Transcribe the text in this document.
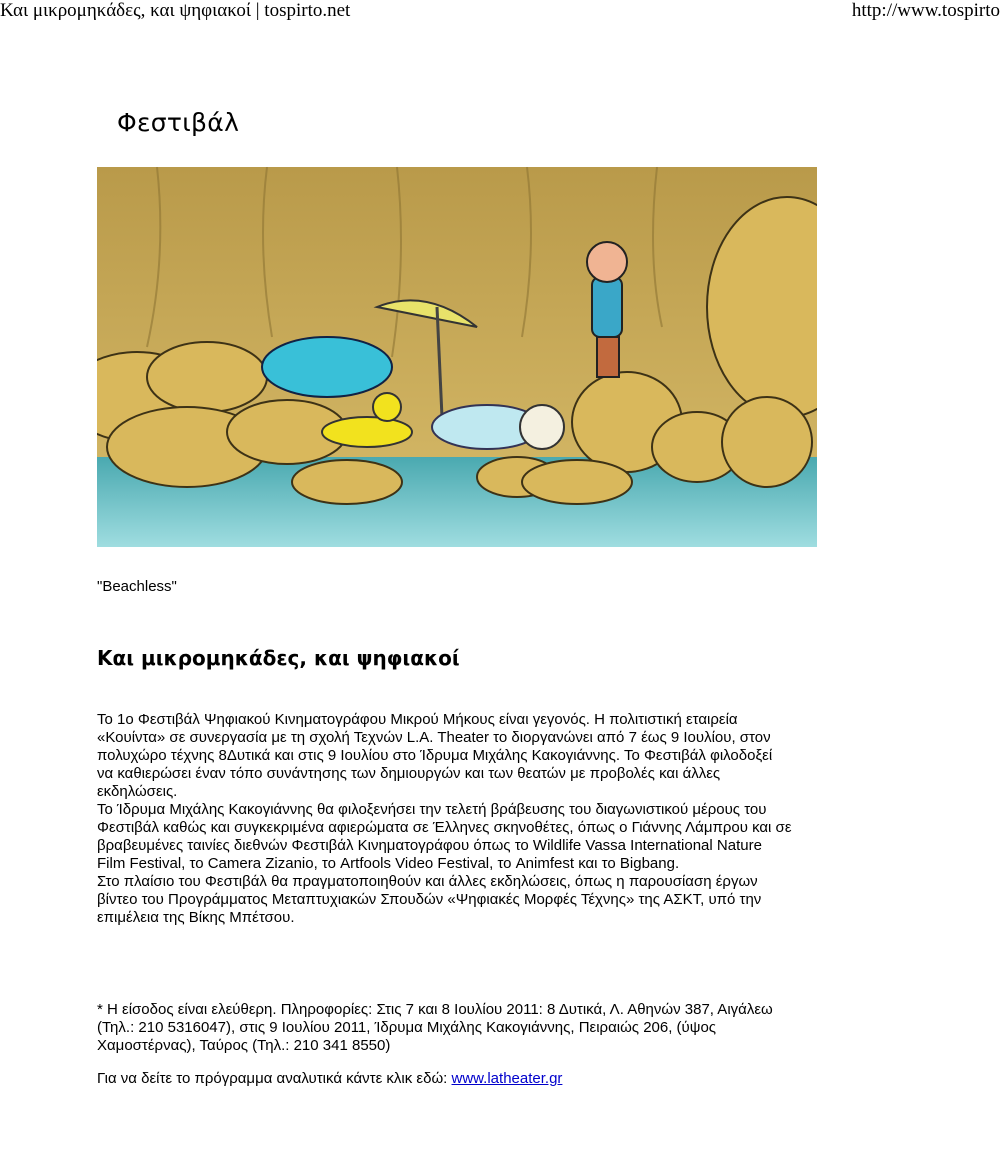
Και μικρομηκάδες, και ψηφιακοί | tospirto.net	http://www.tospirto
Φεστιβάλ
"Beachless"
Και μικρομηκάδες, και ψηφιακοί
Το 1ο Φεστιβάλ Ψηφιακού Κινηματογράφου Μικρού Μήκους είναι γεγονός. Η πολιτιστική εταιρεία
«Κουίντα» σε συνεργασία με τη σχολή Τεχνών L.A. Theater το διοργανώνει από 7 έως 9 Ιουλίου, στον
πολυχώρο τέχνης 8Δυτικά και στις 9 Ιουλίου στο Ίδρυμα Μιχάλης Κακογιάννης. Το Φεστιβάλ φιλοδοξεί
να καθιερώσει έναν τόπο συνάντησης των δημιουργών και των θεατών με προβολές και άλλες
εκδηλώσεις.
Το Ίδρυμα Μιχάλης Κακογιάννης θα φιλοξενήσει την τελετή βράβευσης του διαγωνιστικού μέρους του
Φεστιβάλ καθώς και συγκεκριμένα αφιερώματα σε Έλληνες σκηνοθέτες, όπως ο Γιάννης Λάμπρου και σε
βραβευμένες ταινίες διεθνών Φεστιβάλ Κινηματογράφου όπως το Wildlife Vassa International Nature
Film Festival, το Camera Zizanio, το Artfools Video Festival, το Animfest και το Bigbang.
Στο πλαίσιο του Φεστιβάλ θα πραγματοποιηθούν και άλλες εκδηλώσεις, όπως η παρουσίαση έργων
βίντεο του Προγράμματος Μεταπτυχιακών Σπουδών «Ψηφιακές Μορφές Τέχνης» της ΑΣΚΤ, υπό την
επιμέλεια της Βίκης Μπέτσου.
* Η είσοδος είναι ελεύθερη. Πληροφορίες: Στις 7 και 8 Ιουλίου 2011: 8 Δυτικά, Λ. Αθηνών 387, Αιγάλεω
(Τηλ.: 210 5316047), στις 9 Ιουλίου 2011, Ίδρυμα Μιχάλης Κακογιάννης, Πειραιώς 206, (ύψος
Χαμοστέρνας), Ταύρος (Τηλ.: 210 341 8550)
Για να δείτε το πρόγραμμα αναλυτικά κάντε κλικ εδώ: www.latheater.gr
